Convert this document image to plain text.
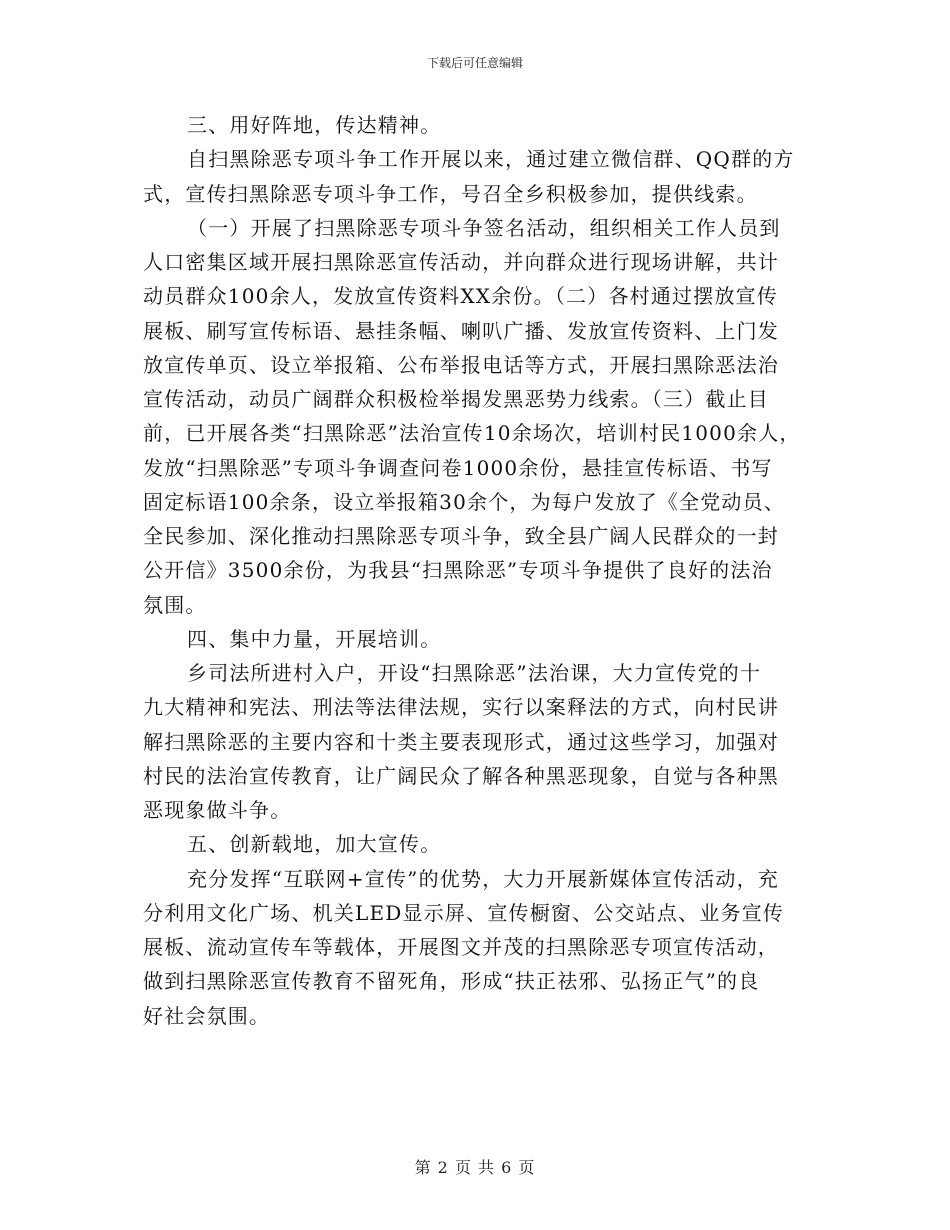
下载后可任意编辑
三、用好阵地，传达精神。
自扫黑除恶专项斗争工作开展以来，通过建立微信群、QQ群的方
式，宣传扫黑除恶专项斗争工作，号召全乡积极参加，提供线索。
（一）开展了扫黑除恶专项斗争签名活动，组织相关工作人员到
人口密集区域开展扫黑除恶宣传活动，并向群众进行现场讲解，共计
动员群众100余人，发放宣传资料XX余份。（二）各村通过摆放宣传
展板、刷写宣传标语、悬挂条幅、喇叭广播、发放宣传资料、上门发
放宣传单页、设立举报箱、公布举报电话等方式，开展扫黑除恶法治
宣传活动，动员广阔群众积极检举揭发黑恶势力线索。（三）截止目
前，已开展各类“扫黑除恶”法治宣传10余场次，培训村民1000余人，
发放“扫黑除恶”专项斗争调查问卷1000余份，悬挂宣传标语、书写
固定标语100余条，设立举报箱30余个，为每户发放了《全党动员、
全民参加、深化推动扫黑除恶专项斗争，致全县广阔人民群众的一封
公开信》3500余份，为我县“扫黑除恶”专项斗争提供了良好的法治
氛围。
四、集中力量，开展培训。
乡司法所进村入户，开设“扫黑除恶”法治课，大力宣传党的十
九大精神和宪法、刑法等法律法规，实行以案释法的方式，向村民讲
解扫黑除恶的主要内容和十类主要表现形式，通过这些学习，加强对
村民的法治宣传教育，让广阔民众了解各种黑恶现象，自觉与各种黑
恶现象做斗争。
五、创新载地，加大宣传。
充分发挥“互联网+宣传”的优势，大力开展新媒体宣传活动，充
分利用文化广场、机关LED显示屏、宣传橱窗、公交站点、业务宣传
展板、流动宣传车等载体，开展图文并茂的扫黑除恶专项宣传活动，
做到扫黑除恶宣传教育不留死角，形成“扶正祛邪、弘扬正气”的良
好社会氛围。
第 2 页 共 6 页
